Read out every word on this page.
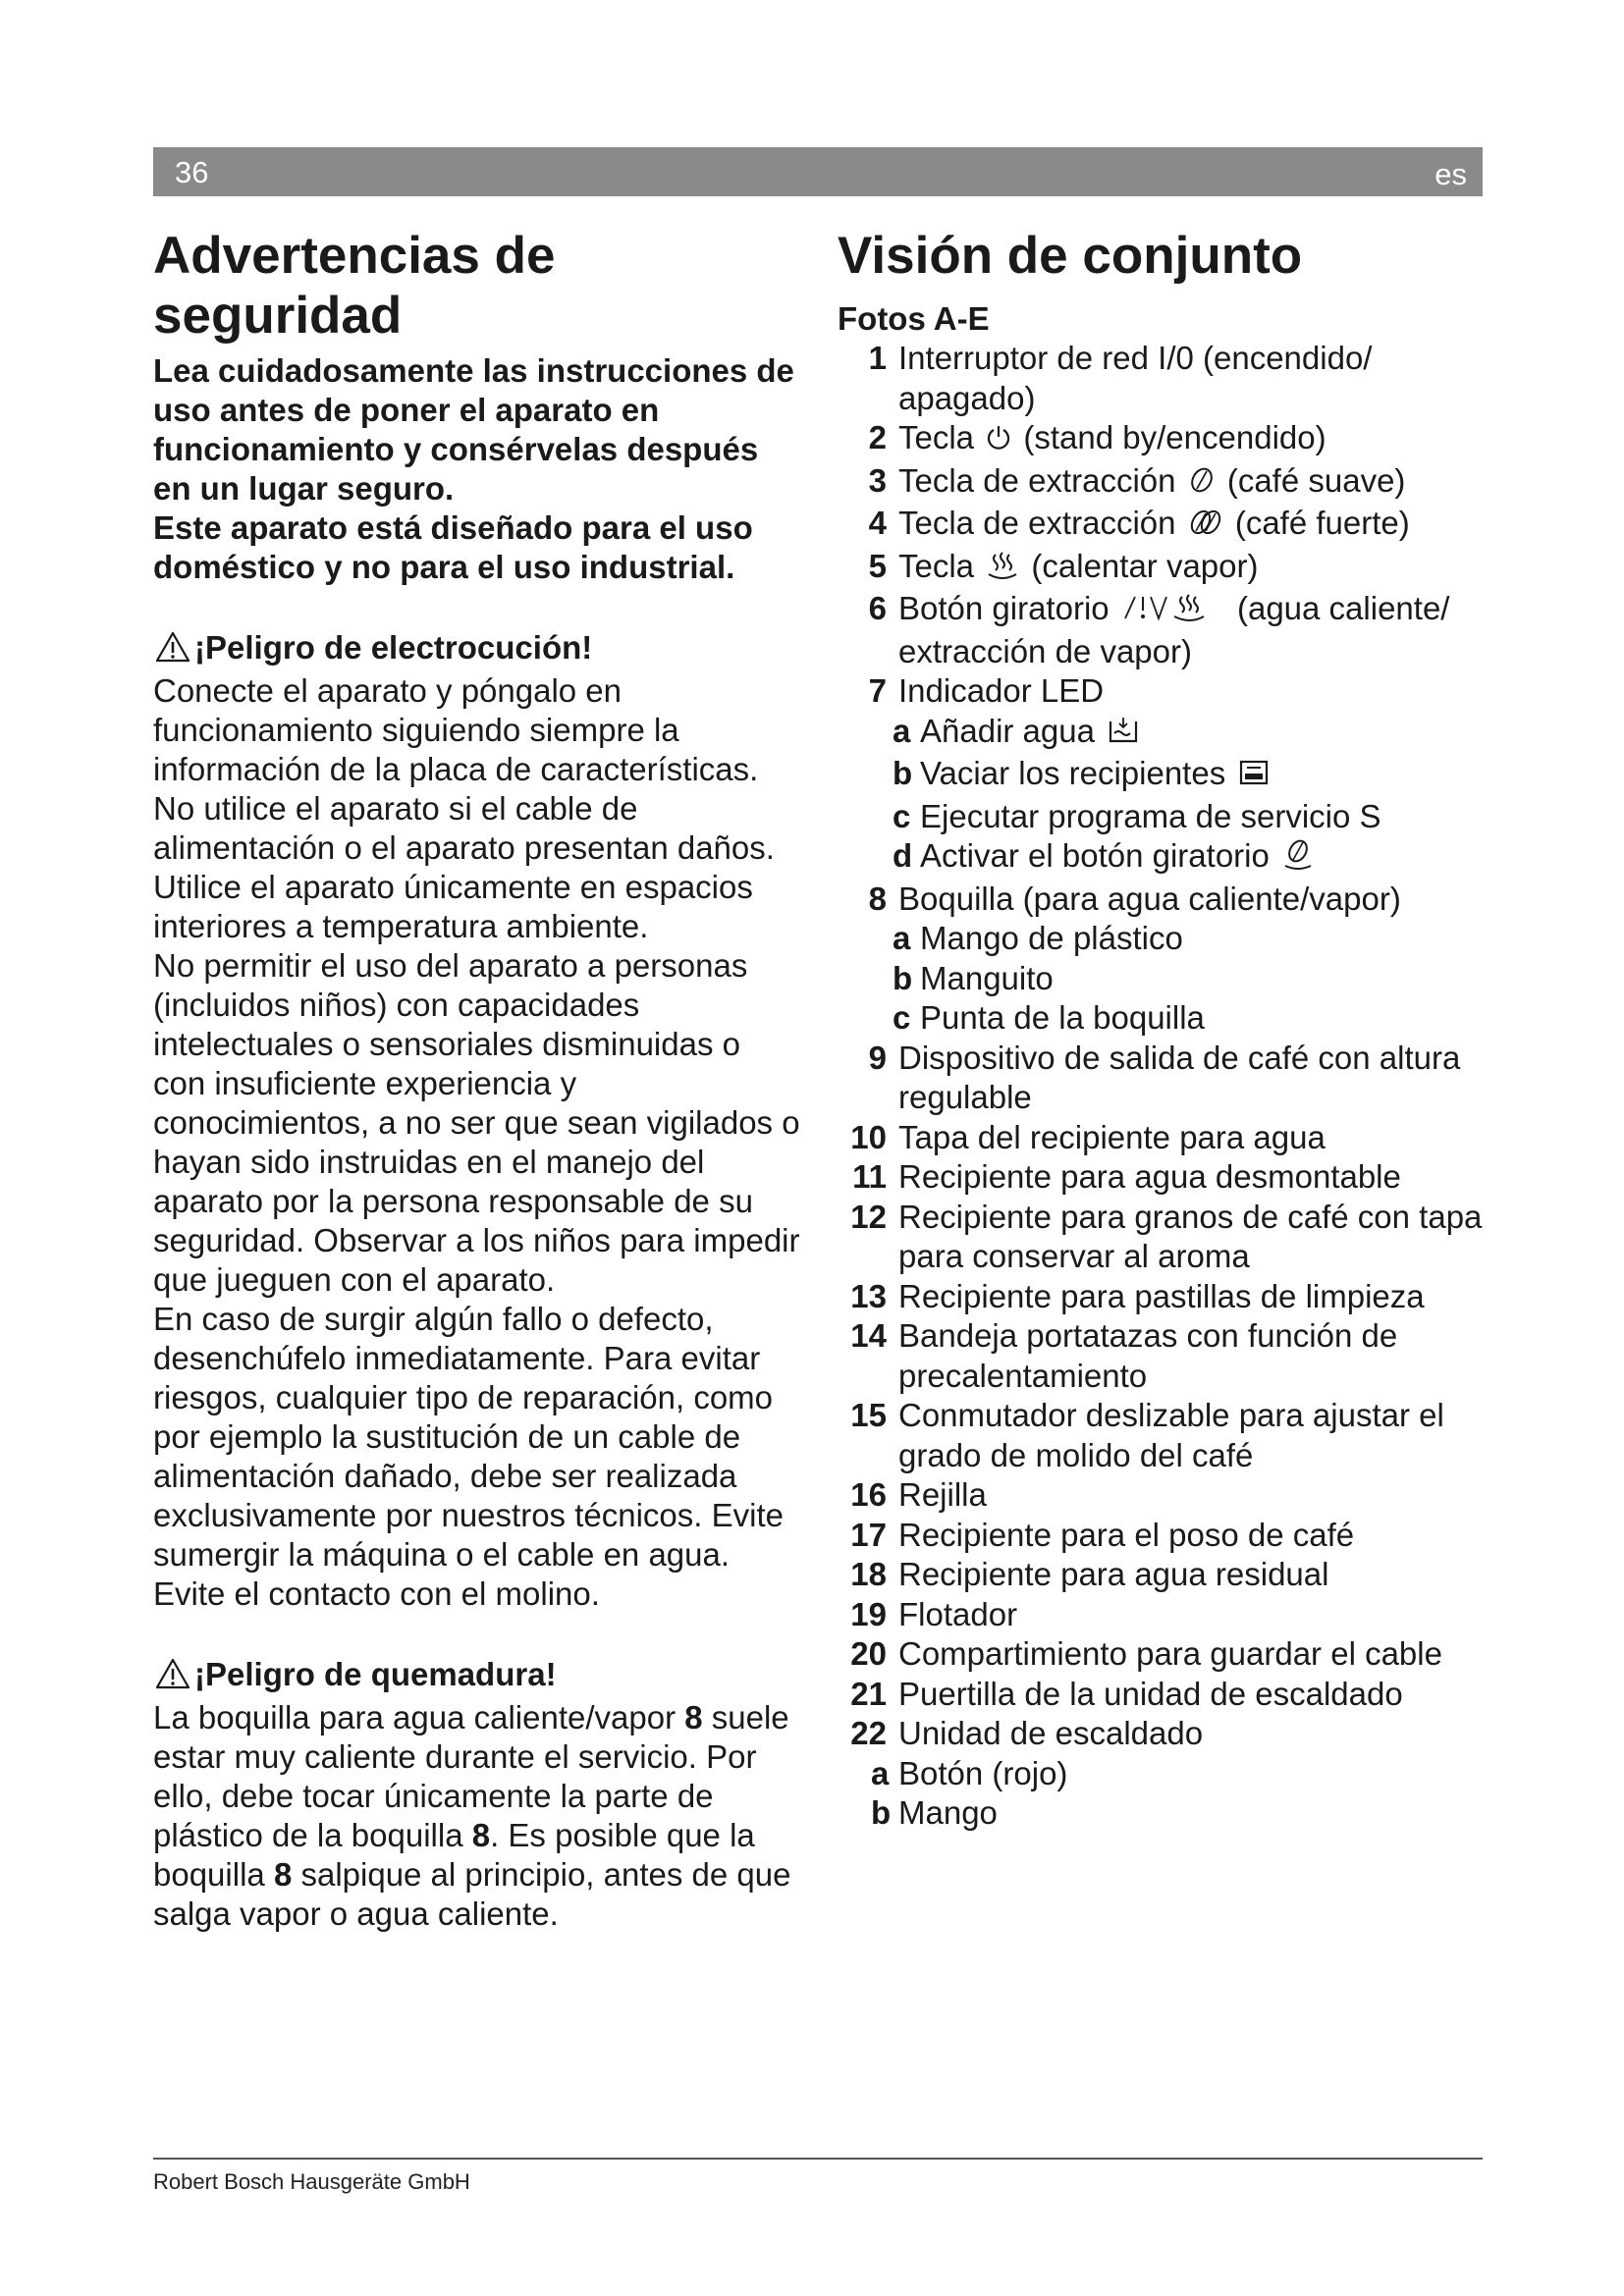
36	es
Advertencias de seguridad
Lea cuidadosamente las instrucciones de uso antes de poner el aparato en funcionamiento y consérvelas después en un lugar seguro.
Este aparato está diseñado para el uso doméstico y no para el uso industrial.
¡Peligro de electrocución!
Conecte el aparato y póngalo en funcionamiento siguiendo siempre la información de la placa de características. No utilice el aparato si el cable de alimentación o el aparato presentan daños. Utilice el aparato únicamente en espacios interiores a temperatura ambiente.
No permitir el uso del aparato a personas (incluidos niños) con capacidades intelectuales o sensoriales disminuidas o con insuficiente experiencia y conocimientos, a no ser que sean vigilados o hayan sido instruidas en el manejo del aparato por la persona responsable de su seguridad. Observar a los niños para impedir que jueguen con el aparato.
En caso de surgir algún fallo o defecto, desenchúfelo inmediatamente. Para evitar riesgos, cualquier tipo de reparación, como por ejemplo la sustitución de un cable de alimentación dañado, debe ser realizada exclusivamente por nuestros técnicos. Evite sumergir la máquina o el cable en agua. Evite el contacto con el molino.
¡Peligro de quemadura!
La boquilla para agua caliente/vapor 8 suele estar muy caliente durante el servicio. Por ello, debe tocar únicamente la parte de plástico de la boquilla 8. Es posible que la boquilla 8 salpique al principio, antes de que salga vapor o agua caliente.
Visión de conjunto
Fotos A-E
1 Interruptor de red I/0 (encendido/ apagado)
2 Tecla (stand by/encendido)
3 Tecla de extracción (café suave)
4 Tecla de extracción (café fuerte)
5 Tecla (calentar vapor)
6 Botón giratorio	(agua caliente/ extracción de vapor)
7 Indicador LED
a Añadir agua
b Vaciar los recipientes
c Ejecutar programa de servicio S
d Activar el botón giratorio
8 Boquilla (para agua caliente/vapor)
a Mango de plástico
b Manguito
c Punta de la boquilla
9 Dispositivo de salida de café con altura regulable
10 Tapa del recipiente para agua
11 Recipiente para agua desmontable
12 Recipiente para granos de café con tapa para conservar al aroma
13 Recipiente para pastillas de limpieza
14 Bandeja portatazas con función de precalentamiento
15 Conmutador deslizable para ajustar el grado de molido del café
16 Rejilla
17 Recipiente para el poso de café
18 Recipiente para agua residual
19 Flotador
20 Compartimiento para guardar el cable
21 Puertilla de la unidad de escaldado
22 Unidad de escaldado
a Botón (rojo)
b Mango
Robert Bosch Hausgeräte GmbH
